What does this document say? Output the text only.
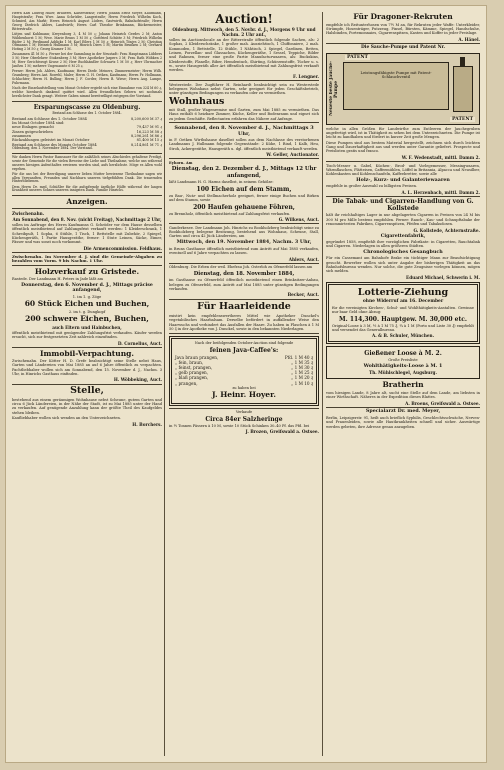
Herrn Karl Ludwig Hiller, Brauerei, Kaiserstraße; Herrn Johann Ernst Meyer, Kaufmann, Hauptstraße; Frau Wwe. Anna Schröder, Langestraße; Herrn Friedrich Wilhelm Koch, Schmied, Am Markt; Herrn Heinrich August Lüders, Gastwirth, Bahnhofstraße; Herrn Georg Diedrich Ahlers, Landwirth; Herrn Carl Theodor Brinkmann, Bäckermeister, Ritterstraße.

Lütjen und Kuhlmann; Kreyenborg 3, 4 M 50 ₰; Johann Heinrich Gerdes 2 M; Anton Wübbenhorst 1 M; Wwe. Marie Bruns 1 M 50 ₰; Gottfried Schütte 3 M; Friedrich Wilhelm Rüder 2 M; Ferdinand Addicks 1 M; Karl Eilers 1 M 50 ₰; Heinrich Tönjes 2 M; Christian Oltmanns 1 M; Heinrich Hullmann 3 M; Hinrich Diers 1 M; Martin Brunken 2 M; Gerhard Hoting 2 M 50 ₰; Georg Kramer 1 M.

Zusammen 41 M 50 ₰. Ferner bei der Sammlung in der Neustadt: Frau Hauptmann Lübbers 5 M; Herr Oberlehrer Stukenberg 3 M; Herr Apotheker Jaspers 3 M; Frau Rath Wöbken 2 M; Herr Gerichtsvogt Kruse 2 M; Herr Buchhändler Schwartz 1 M 50 ₰; Herr Uhrmacher Janßen 1 M; mehrere Ungenannte 6 M 25 ₰.

Ferner: Herrn Joh. Ahlers, Kaufmann; Herrn Diedr. Meiners, Zimmermeister; Herrn Wilh. Gramberg; Herrn Ant. Rowehl, Maler; Herrn G. H. Oetken, Kaufmann; Herrn Fr. Hollmann, Schlachter; Herrn H. Bulling; Herrn J. F. Cordes; Herrn B. Wiese; Herrn Aug. Lampe, Fuhrmann.

Nach der Einzelaufstellung vom Monat October ergiebt sich eine Einnahme von 324 M 60 ₰, welche hierdurch dankend quittirt wird. Allen freundlichen Gebern sei nochmals herzlichster Dank gesagt. Weitere Gaben nimmt bereitwilligst entgegen der Vorstand.

Ersparungscasse zu Oldenburg.

Bestand am Schlusse des 1. October 1884.

Bestand am Schlusse des 1. October 1884	8,200,600 M 37 ₰
Im Monat October 1884 sind:	
neue Einlagen gemacht	79,437 M 91 ₰
Zinsen gutgeschrieben	16,223 M 58 ₰
zusammen	8,296,261 M 86 ₰
Rückzahlungen geleistet im Monat October	81,400 M 15 ₰
Bestand am Schlusse des Monats October 1884	8,214,861 M 71 ₰

Oldenburg, den 1. November 1884. Der Vorstand.

Wir danken Herrn Pastor Ramsauer für die anläßlich seines Abschiedes gehaltene Predigt, sowie der Gemeinde für die vielen Beweise der Liebe und Theilnahme, welche uns während unseres hiesigen Aufenthaltes erwiesen worden sind, aufs herzlichste. Möge es Allen wohl ergehen.

Für die uns bei der Beerdigung unserer lieben Mutter bewiesene Theilnahme sagen wir allen Verwandten, Freunden und Nachbarn unseren tiefgefühlten Dank. Die trauernden Hinterbliebenen.

Dem Herrn Dr. med. Schüßler für die aufopfernde ärztliche Hülfe während der langen Krankheit unseres Sohnes unseren innigsten Dank. Familie Hinrichs.

Anzeigen.

Zwischenahn.

Am Sonnabend, den 8. Nov. (nicht Freitag), Nachmittags 2 Uhr,

sollen im Auftrage des Herrn Kaufmanns G. Schröder vor dem Hause desselben öffentlich meistbietend auf Zahlungsfrist verkauft werden: 1 Kleiderschrank, 1 Schreibpult, 1 Sopha, 6 Stühle, 1 Tisch, 1 Bettstelle mit Zubehör, 2 Spiegel, Küchengeräth, 1 Partie Hausgeräthe, ferner: 1 Stute Leinen, Säcke, Eimer, Fässer und was sonst noch vorkommt.

Die Armencommission. Feldhaus.

Zwischenahn. Im November d. J. sind die Gemeinde-Abgaben zu bezahlen vom Vorm. 9 bis Nachm. 1 Uhr.

Holzverkauf zu Gristede.

Rastede. Der Landmann H. Peters in Jade läßt am

Donnerstag, den 6. November d. J., Mittags präcise anfangend,

1. im 1. g. Zöge

60 Stück Eichen und Buchen,

2. im t. g. Dungkopf

200 schwere Eichen, Buchen,

auch Eltern und Hainbuchen,

öffentlich meistbietend mit genügender Zahlungsfrist verkaufen. Käufer werden ersucht, sich zur festgesetzten Zeit zahlreich einzufinden.

D. Cornelius, Auct.

Immobil-Verpachtung.

Zwischenahn. Der Kötter H. D. Grefe beabsichtigt seine Stelle nebst Haus, Garten und Ländereien von Mai 1885 an auf 6 Jahre öffentlich zu verpachten. Pachtliebhaber wollen sich am Sonnabend, den 15. November d. J., Nachm. 3 Uhr, in Hinrichs Gasthaus einfinden.

H. Wöbbeking, Auct.

Stelle,

bestehend aus einem geräumigen Wohnhause nebst Scheune, gutem Garten und circa 6 Jück Ländereien, in der Nähe der Stadt, ist zu Mai 1885 unter der Hand zu verkaufen. Auf genügende Anzahlung kann der größte Theil des Kaufgeldes stehen bleiben.

Kaufliebhaber wollen sich wenden an den Unterzeichneten.

H. Borchers.

Auction!

Oldenburg. Mittwoch, den 5. Novbr. d. J., Morgens 9 Uhr und Nachm. 2 Uhr anf.,

sollen im Auctionslocale an der Ritterstraße öffentlich folgende Sachen, als: 2 Sophas, 2 Kleiderschränke, 1 großer mah. Ausziehtisch, 1 Chiffonniere, 2 mah. Kommoden, 1 Bettstelle, 12 Stühle, 1 Nähtisch, 2 Spiegel, Gardinen, Betten, Leinen, Porzellan- und Glassachen, Küchengeräthe, 1 Sessel, Teppiche, Bilder und Rahmen, ferner eine große Partie Manufacturwaaren, als: Buckskins, Kleiderstoffe, Flanelle, Biber, Hemdentuch, Shirting, Schürzenstoffe, Tücher u. s. w., sowie Hausgeräth aller Art öffentlich meistbietend mit Zahlungsfrist verkauft werden.

F. Lengner.

Westerstede. Der Zugführer H. Reinhardt beabsichtigt sein zu Westerstede belegenes Wohnhaus nebst Garten, sehr geeignet für jeden Geschäftsbetrieb, unter günstigen Bedingungen zu verkaufen oder zu vermiethen.

Wohnhaus

mit Stall, großer Wagenremise und Garten, zum Mai 1885 zu vermiethen. Das Haus enthält 6 heizbare Zimmer, Küche, Keller und Bodenraum und eignet sich zu jedem Geschäfte. Reflectanten erfahren das Nähere auf Anfrage.

Sonnabend, den 8. November d. J., Nachmittags 3 Uhr,

in F. Oetken Wirthshause daselbst sollen aus dem Nachlasse des verstorbenen Landmanns J. Hullmann folgende Gegenstände: 2 Kühe, 1 Rind, 1 Kalb, Heu, Stroh, Ackergeräthe, Hausgeräth u. dgl. öffentlich meistbietend verkauft werden.

W. Geller, Auctionator.

Eyhorn. Am

Dienstag, den 2. Dezember d. J., Mittags 12 Uhr anfangend,

läßt Landmann H. G. Harms daselbst, in seinem Gehölze:

100 Eichen auf dem Stamm,

zu Bau-, Nutz- und Stellmacherholz geeignet, ferner einige Buchen und Birken auf dem Stamm, sowie

200 Haufen gehauene Föhren,

zu Brennholz, öffentlich meistbietend auf Zahlungsfrist verkaufen.

G. Wilkens, Auct.

Ganderkesee. Der Landmann Joh. Hinrichs zu Bookholzberg beabsichtigt seine zu Bookholzberg belegene Besitzung, bestehend aus Wohnhaus, Scheune, Stall, Garten und circa 42 Jück Ländereien, am

Mittwoch, den 19. November 1884, Nachm. 3 Uhr,

in Bruns Gasthause öffentlich meistbietend zum Antritt auf Mai 1885 verkaufen, eventuell auf 6 Jahre verpachten zu lassen.

Ahlers, Auct.

Oldenburg. Die Erben der weil. Ehefrau Joh. Osterloh zu Ofenerfeld lassen am

Dienstag, den 18. November 1884,

im Gasthause zu Ofenerfeld öffentlich meistbietend einen Brinksitzer-Anbau, belegen zu Ofenerfeld, zum Antritt auf Mai 1885 unter günstigen Bedingungen verkaufen.

Becker, Auct.

Für Haarleidende

existirt kein empfehlenswertheres Mittel wie Apotheker Dunckel's vegetabilisches Haarbalsam. Derselbe befördert in auffallender Weise den Haarwuchs und verhindert das Ausfallen der Haare. Zu haben in Flaschen à 1 M 50 ₰ in der Apotheke von J. Dunckel, sowie in den bekannten Niederlagen.

Nach der beifolgenden October-Auction sind folgende

feinen Java-Caffee's:
Java braun prangen,	Pfd. 1 M 40 ₰
„ fein, braun,	„ 1 M 35 ₰
„ feinst, prangen,	„ 1 M 30 ₰
„ gelb prangen,	„ 1 M 25 ₰
„ blaß prangen,	„ 1 M 20 ₰
„ prangen,	„ 1 M 10 ₰

zu haben bei

J. Heinr. Hoyer.

Verkaufe

Circa 84er Salzheringe

in ½ Tonnen Fässern à 10 M, sowie 10 Stück Schinken 30–40 Pf. das Pfd. bei

J. Brozen, Greifswald a. Ostsee.

Für Dragoner-Rekruten

empfehle ich Reitunterhosen von 7½ M an, für Rekruten jeder Waffe: Unterkleider, Strümpfe, Hosenträger, Putzzeug, Pinsel, Bürsten, Kämme, Spiegel, Handschuhe, Halsbinden, Portemonnaies, Cigarrenspitzen, Kasten und Koffer in jeder Preislage.

A. Hänel.

Die Sauche-Pumpe und Patent Nr.

PATENT
PATENT
Neueste beste Jauche-Pumpe
Leistungsfähigste Pumpe mit Patent-Schlauchventil

welche in allen Größen für Landwirthe zum Entleeren der Jauchegruben angefertigt wird, ist in Thätigkeit zu sehen bei dem Unterzeichneten. Die Pumpe ist leicht zu handhaben und fördert in kurzer Zeit große Mengen.

Diese Pumpen sind aus bestem Material hergestellt, zeichnen sich durch leichten Gang und Dauerhaftigkeit aus und werden unter Garantie geliefert. Prospecte und Preislisten gratis und franco.

W. F. Wedenstadt, mittl. Damm 2.

Tisch-Messer u. Gabel, Küchen-, Brod- und Vorlegemesser, Messingwaaren, Wärmflaschen, Plätteisen, Caffeemühlen, Löffel in Britannia, Alpacca und Neusilber, Kohlenkasten und Kohlenschaufeln, Kaffeebretter, sowie alle

Holz-, Kurz- und Galanteriewaaren

empfehle in großer Auswahl zu billigsten Preisen.

A. L. Herzenbach, mittl. Damm 2.

Die Tabak- und Cigarren-Handlung von G. Kollstede

hält ihr reichhaltiges Lager in nur abgelagerten Cigarren in Preisen von 24 M bis 300 M pro Mille bestens empfohlen. Ferner: Rauch-, Kau- und Schnupftabake der renommirtesten Fabriken, Cigarrenspitzen, Pfeifen und Tabaksdosen.

G. Kollstede, Achternstraße.

Cigarettenfabrik,

gegründet 1858, empfiehlt ihre vorzüglichen Fabrikate: in Cigaretten, Rauchtabak und Cigarren. Niederlagen in allen größeren Städten.

Chronologisches Gesangbuch

Für ein Cassemant am Bahnhofe Brake ein tüchtiger Mann zur Beaufsichtigung gesucht. Bewerber wollen sich unter Angabe der bisherigen Thätigkeit an das Bahnhofsbureau wenden. Nur solche, die gute Zeugnisse vorlegen können, mögen sich melden.

Eduard Michael, Schwerin i. M.

Lotterie-Ziehung

ohne Widerruf am 16. December

für die vereinigten Kirchen-, Schul- und Wohlthätigkeits-Anstalten. Gewinne nur baar Geld ohne Abzug:

M. 114,300. Hauptgew. M. 30,000 etc.

Original-Loose à 3 M, ½ à 1 M 75 ₰, ¼ à 1 M (Porto und Liste 30 ₰) empfiehlt und versendet das Generalbureau.

A. & B. Schuler, München.

Gießener Loose à M. 2.

Große Preisliste

Wohlthätigkeits-Loose à M. 1

Th. Mühlschlegel, Augsburg.

Bratherin

vom hiesigen Lande, 8 Jahre alt, sucht eine Stelle auf dem Lande, am liebsten in einer Wirthschaft. Näheres in der Expedition dieses Blattes.

A. Broens, Greifswald a. Ostsee.

Specialarzt Dr. med. Meyer,

Berlin, Leipzigerstr. 91, heilt auch brieflich Syphilis, Geschlechtsschwäche, Nerven- und Frauenleiden, sowie alle Hautkrankheiten schnell und sicher. Auswärtige werden gebeten, ihre Adresse genau anzugeben.
